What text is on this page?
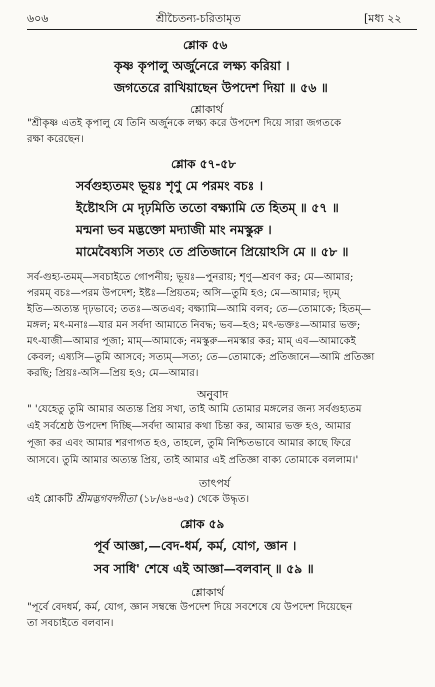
৬০৬	শ্রীচৈতন্য-চরিতামৃত	[মধ্য ২২
শ্লোক ৫৬
কৃষ্ণ কৃপালু অর্জুনেরে লক্ষ্য করিয়া ।
জগতেরে রাখিয়াছেন উপদেশ দিয়া ॥ ৫৬ ॥
শ্লোকার্থ
"শ্রীকৃষ্ণ এতই কৃপালু যে তিনি অর্জুনকে লক্ষ্য করে উপদেশ দিয়ে সারা জগতকে
রক্ষা করেছেন।
শ্লোক ৫৭-৫৮
সর্বগুহ্যতমং ভূয়ঃ শৃণু মে পরমং বচঃ ।
ইষ্টোঽসি মে দৃঢ়মিতি ততো বক্ষ্যামি তে হিতম্ ॥ ৫৭ ॥
মন্মনা ভব মদ্ভক্তো মদ্যাজী মাং নমস্কুরু ।
মামেবৈষ্যসি সত্যং তে প্রতিজানে প্রিয়োঽসি মে ॥ ৫৮ ॥
সর্ব-গুহ্য-তমম্—সবচাইতে গোপনীয়; ভূয়ঃ—পুনরায়; শৃণু—শ্রবণ কর; মে—আমার;
পরমম্ বচঃ—পরম উপদেশ; ইষ্টঃ—প্রিয়তম; অসি—তুমি হও; মে—আমার; দৃঢ়ম্
ইতি—অত্যন্ত দৃঢ়ভাবে; ততঃ—অতএব; বক্ষ্যামি—আমি বলব; তে—তোমাকে; হিতম্—
মঙ্গল; মৎ-মনাঃ—যার মন সর্বদা আমাতে নিবদ্ধ; ভব—হও; মৎ-ভক্তঃ—আমার ভক্ত;
মৎ-যাজী—আমার পূজা; মাম্—আমাকে; নমস্কুরু—নমস্কার কর; মাম্ এব—আমাকেই
কেবল; এষ্যসি—তুমি আসবে; সত্যম্—সত্য; তে—তোমাকে; প্রতিজানে—আমি প্রতিজ্ঞা
করছি; প্রিয়ঃ-অসি—প্রিয় হও; মে—আমার।
অনুবাদ
" 'যেহেতু তুমি আমার অত্যন্ত প্রিয় সখা, তাই আমি তোমার মঙ্গলের জন্য সর্বগুহ্যতম
এই সর্বশ্রেষ্ঠ উপদেশ দিচ্ছি—সর্বদা আমার কথা চিন্তা কর, আমার ভক্ত হও, আমার
পূজা কর এবং আমার শরণাগত হও, তাহলে, তুমি নিশ্চিতভাবে আমার কাছে ফিরে
আসবে। তুমি আমার অত্যন্ত প্রিয়, তাই আমার এই প্রতিজ্ঞা বাক্য তোমাকে বললাম।'
তাৎপর্য
এই শ্লোকটি শ্রীমদ্ভগবদ্গীতা (১৮/৬৪-৬৫) থেকে উদ্ধৃত।
শ্লোক ৫৯
পূর্ব আজ্ঞা,—বেদ-ধর্ম, কর্ম, যোগ, জ্ঞান ।
সব সাধি' শেষে এই আজ্ঞা—বলবান্ ॥ ৫৯ ॥
শ্লোকার্থ
"পূর্বে বেদধর্ম, কর্ম, যোগ, জ্ঞান সম্বন্ধে উপদেশ দিয়ে সবশেষে যে উপদেশ দিয়েছেন
তা সবচাইতে বলবান।
